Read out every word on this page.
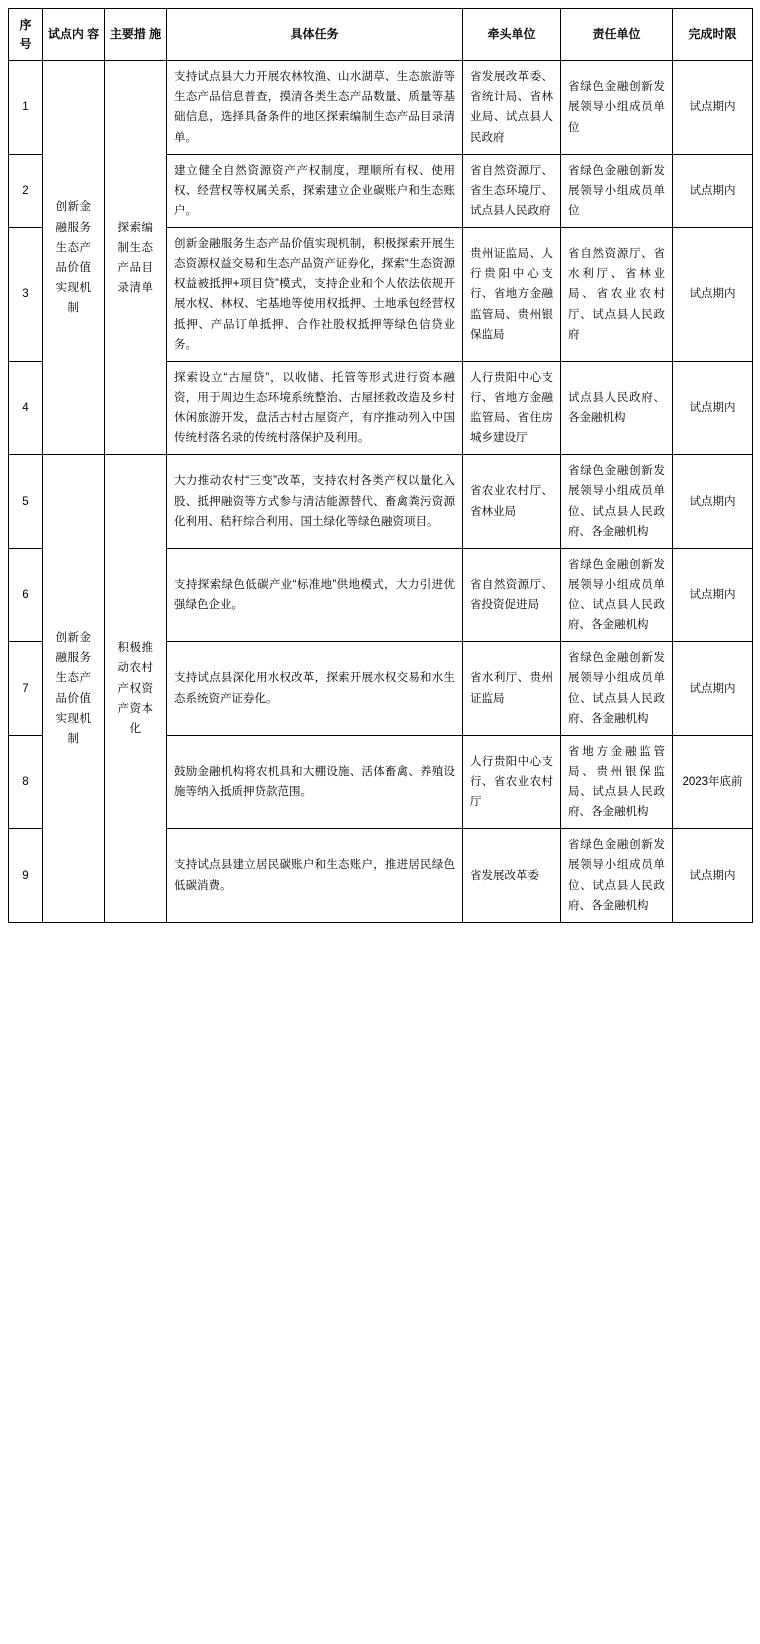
序 号	试点内 容	主要措 施	具体任务	牵头单位	责任单位	完成时限
1	创新金 融服务 生态产 品价值 实现机 制	探索编 制生态 产品目 录清单	支持试点县大力开展农林牧渔、山水湖草、生态旅游等生态产品信息普查，摸清各类生态产品数量、质量等基础信息，选择具备条件的地区探索编制生态产品目录清单。	省发展改革委、省统计局、省林业局、试点县人民政府	省绿色金融创新发展领导小组成员单位	试点期内
2			建立健全自然资源资产产权制度，理顺所有权、使用权、经营权等权属关系，探索建立企业碳账户和生态账户。	省自然资源厅、省生态环境厅、试点县人民政府	省绿色金融创新发展领导小组成员单位	试点期内
3			创新金融服务生态产品价值实现机制，积极探索开展生态资源权益交易和生态产品资产证券化，探索“生态资源权益被抵押+项目贷”模式，支持企业和个人依法依规开展水权、林权、宅基地等使用权抵押、土地承包经营权抵押、产品订单抵押、合作社股权抵押等绿色信贷业务。	贵州证监局、人行贵阳中心支行、省地方金融监管局、贵州银保监局	省自然资源厅、省水利厅、省林业局、省农业农村厅、试点县人民政府	试点期内
4			探索设立“古屋贷”，以收储、托管等形式进行资本融资，用于周边生态环境系统整治、古屋拯救改造及乡村休闲旅游开发，盘活古村古屋资产，有序推动列入中国传统村落名录的传统村落保护及利用。	人行贵阳中心支行、省地方金融监管局、省住房城乡建设厅	试点县人民政府、各金融机构	试点期内
5	创新金 融服务 生态产 品价值 实现机 制	积极推 动农村 产权资 产资本 化	大力推动农村“三变”改革，支持农村各类产权以量化入股、抵押融资等方式参与清洁能源替代、畜禽粪污资源化利用、秸秆综合利用、国土绿化等绿色融资项目。	省农业农村厅、省林业局	省绿色金融创新发展领导小组成员单位、试点县人民政府、各金融机构	试点期内
6			支持探索绿色低碳产业“标准地”供地模式，大力引进优强绿色企业。	省自然资源厅、省投资促进局	省绿色金融创新发展领导小组成员单位、试点县人民政府、各金融机构	试点期内
7			支持试点县深化用水权改革，探索开展水权交易和水生态系统资产证券化。	省水利厅、贵州证监局	省绿色金融创新发展领导小组成员单位、试点县人民政府、各金融机构	试点期内
8			鼓励金融机构将农机具和大棚设施、活体畜禽、养殖设施等纳入抵质押贷款范围。	人行贵阳中心支行、省农业农村厅	省地方金融监管局、贵州银保监局、试点县人民政府、各金融机构	2023年底前
9			支持试点县建立居民碳账户和生态账户，推进居民绿色低碳消费。	省发展改革委	省绿色金融创新发展领导小组成员单位、试点县人民政府、各金融机构	试点期内
